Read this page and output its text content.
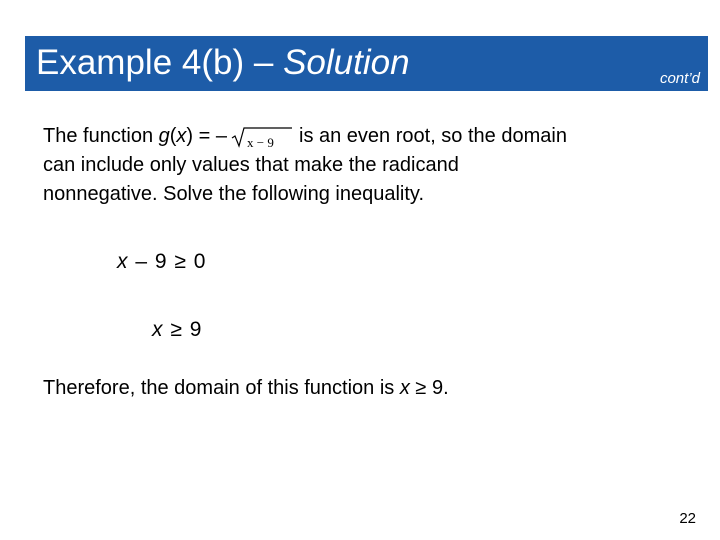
Example 4(b) – Solution	cont’d
The function g(x) = – x − 9 is an even root, so the domain
can include only values that make the radicand
nonnegative. Solve the following inequality.
x – 9 ≥ 0
x ≥ 9
Therefore, the domain of this function is x ≥ 9.
22
